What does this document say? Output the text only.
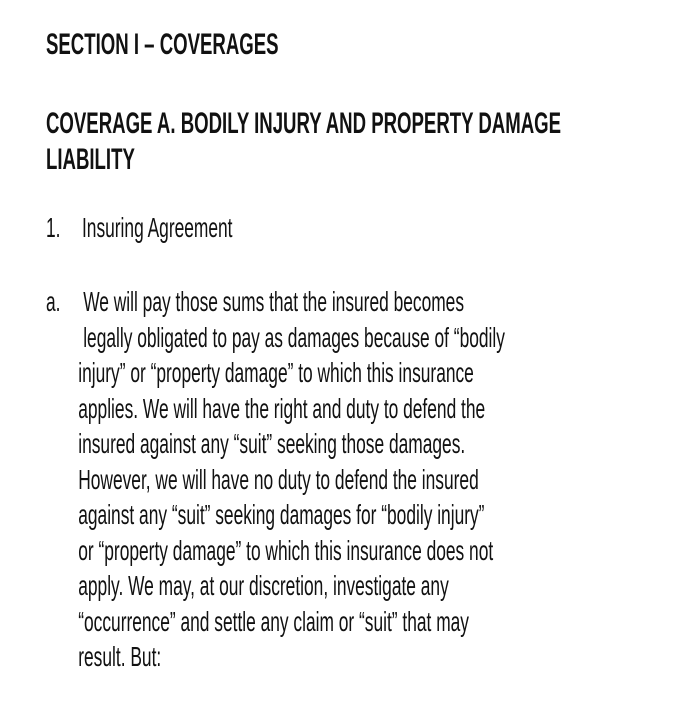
SECTION I – COVERAGES
COVERAGE A. BODILY INJURY AND PROPERTY DAMAGE
LIABILITY
1. Insuring Agreement
a. We will pay those sums that the insured becomes
legally obligated to pay as damages because of “bodily
injury” or “property damage” to which this insurance
applies. We will have the right and duty to defend the
insured against any “suit” seeking those damages.
However, we will have no duty to defend the insured
against any “suit” seeking damages for “bodily injury”
or “property damage” to which this insurance does not
apply. We may, at our discretion, investigate any
“occurrence” and settle any claim or “suit” that may
result. But:
